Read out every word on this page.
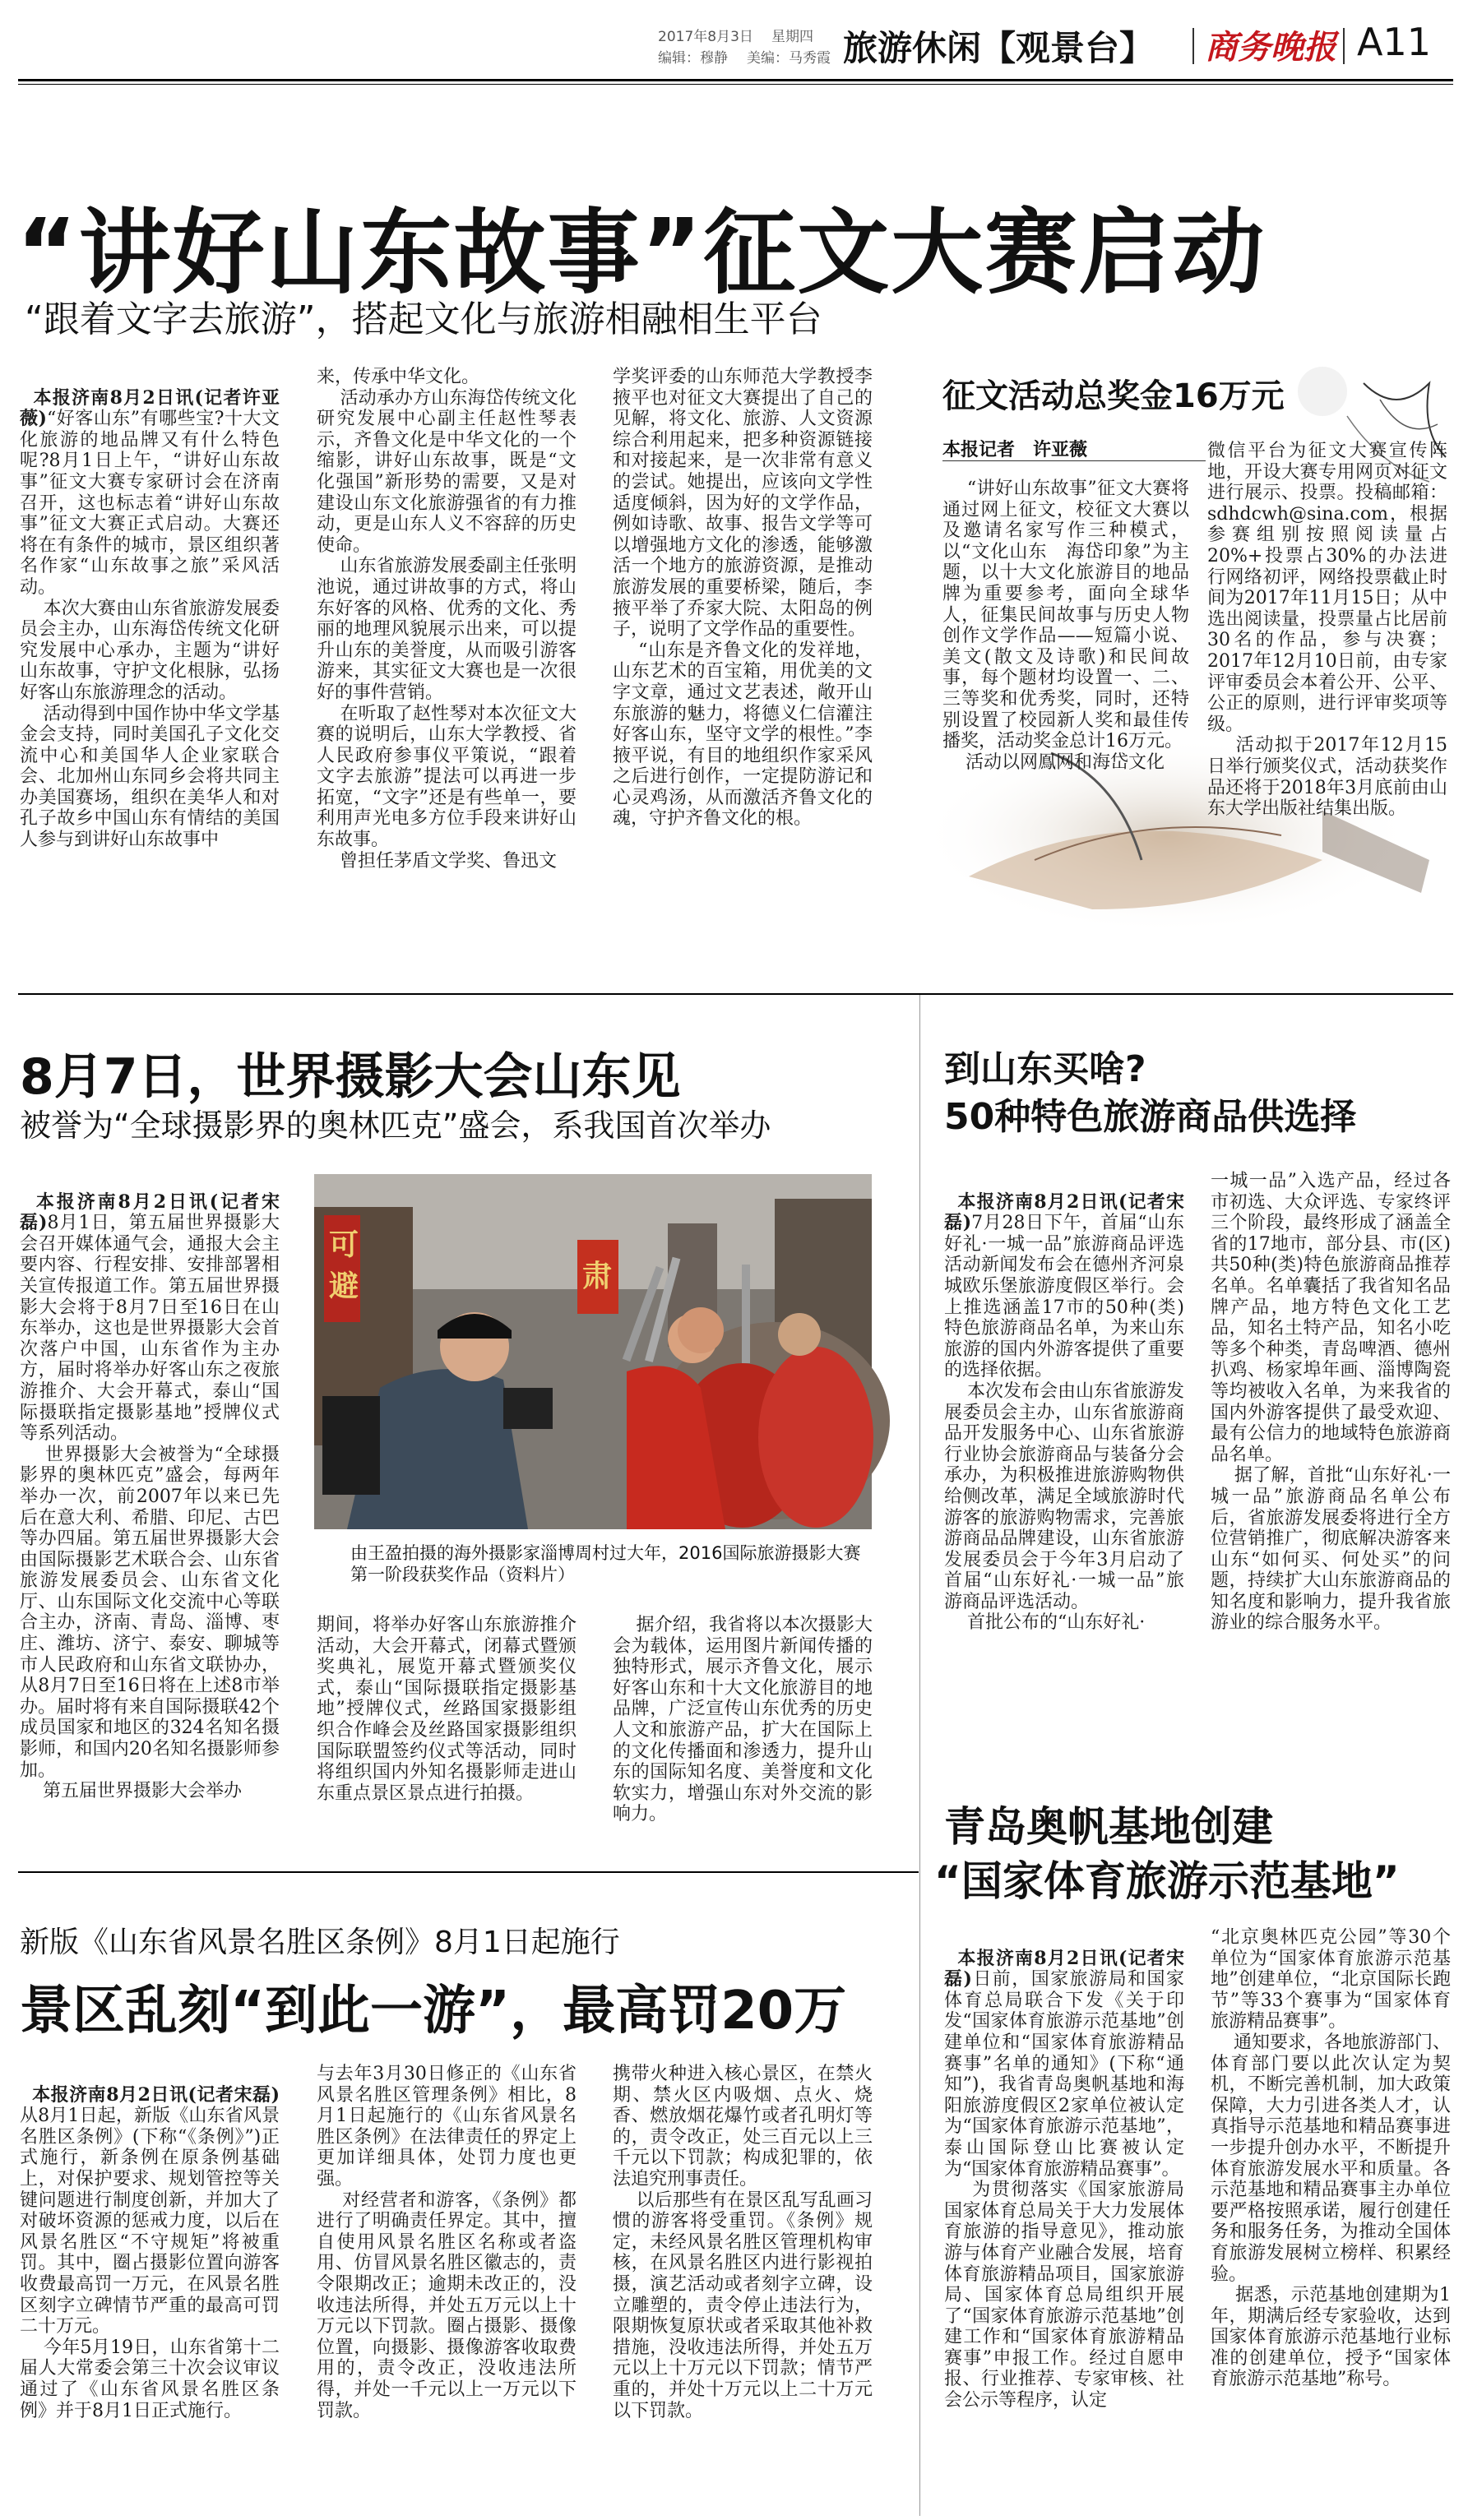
2017年8月3日 星期四
编辑：穆静 美编：马秀霞 旅游休闲【观景台】 商务晚报 A11
“讲好山东故事”征文大赛启动
“跟着文字去旅游”，搭起文化与旅游相融相生平台

本报济南8月2日讯(记者许亚薇)“好客山东”有哪些宝?十大文化旅游的地品牌又有什么特色呢?8月1日上午，“讲好山东故事”征文大赛专家研讨会在济南召开，这也标志着“讲好山东故事”征文大赛正式启动。大赛还将在有条件的城市，景区组织著名作家“山东故事之旅”采风活动。
本次大赛由山东省旅游发展委员会主办，山东海岱传统文化研究发展中心承办，主题为“讲好山东故事，守护文化根脉，弘扬好客山东旅游理念的活动。
活动得到中国作协中华文学基金会支持，同时美国孔子文化交流中心和美国华人企业家联合会、北加州山东同乡会将共同主办美国赛场，组织在美华人和对孔子故乡中国山东有情结的美国人参与到讲好山东故事中

来，传承中华文化。
活动承办方山东海岱传统文化研究发展中心副主任赵性琴表示，齐鲁文化是中华文化的一个缩影，讲好山东故事，既是“文化强国”新形势的需要，又是对建设山东文化旅游强省的有力推动，更是山东人义不容辞的历史使命。
山东省旅游发展委副主任张明池说，通过讲故事的方式，将山东好客的风格、优秀的文化、秀丽的地理风貌展示出来，可以提升山东的美誉度，从而吸引游客游来，其实征文大赛也是一次很好的事件营销。
在听取了赵性琴对本次征文大赛的说明后，山东大学教授、省人民政府参事仪平策说，“跟着文字去旅游”提法可以再进一步拓宽，“文字”还是有些单一，要利用声光电多方位手段来讲好山东故事。
曾担任茅盾文学奖、鲁迅文
学奖评委的山东师范大学教授李掖平也对征文大赛提出了自己的见解，将文化、旅游、人文资源综合利用起来，把多种资源链接和对接起来，是一次非常有意义的尝试。她提出，应该向文学性适度倾斜，因为好的文学作品，例如诗歌、故事、报告文学等可以增强地方文化的渗透，能够激活一个地方的旅游资源，是推动旅游发展的重要桥梁，随后，李掖平举了乔家大院、太阳岛的例子，说明了文学作品的重要性。
“山东是齐鲁文化的发祥地，山东艺术的百宝箱，用优美的文字文章，通过文艺表述，敞开山东旅游的魅力，将德义仁信灌注好客山东，坚守文学的根性。”李掖平说，有目的地组织作家采风之后进行创作，一定提防游记和心灵鸡汤，从而激活齐鲁文化的魂，守护齐鲁文化的根。
征文活动总奖金16万元
本报记者　许亚薇
“讲好山东故事”征文大赛将通过网上征文，校征文大赛以及邀请名家写作三种模式，以“文化山东　海岱印象”为主题，以十大文化旅游目的地品牌为重要参考，面向全球华人，征集民间故事与历史人物创作文学作品——短篇小说、美文(散文及诗歌)和民间故事，每个题材均设置一、二、三等奖和优秀奖，同时，还特别设置了校园新人奖和最佳传播奖，活动奖金总计16万元。
活动以网鳯网和海岱文化
微信平台为征文大赛宣传阵地，开设大赛专用网页对征文进行展示、投票。投稿邮箱：sdhdcwh@sina.com，根据参赛组别按照阅读量占20%+投票占30%的办法进行网络初评，网络投票截止时间为2017年11月15日；从中选出阅读量，投票量占比居前30名的作品，参与决赛；2017年12月10日前，由专家评审委员会本着公开、公平、公正的原则，进行评审奖项等级。
活动拟于2017年12月15日举行颁奖仪式，活动获奖作品还将于2018年3月底前由山东大学出版社结集出版。
8月7日，世界摄影大会山东见
被誉为“全球摄影界的奥林匹克”盛会，系我国首次举办

本报济南8月2日讯(记者宋磊)8月1日，第五届世界摄影大会召开媒体通气会，通报大会主要内容、行程安排、安排部署相关宣传报道工作。第五届世界摄影大会将于8月7日至16日在山东举办，这也是世界摄影大会首次落户中国，山东省作为主办方，届时将举办好客山东之夜旅游推介、大会开幕式，泰山“国际摄联指定摄影基地”授牌仪式等系列活动。
世界摄影大会被誉为“全球摄影界的奥林匹克”盛会，每两年举办一次，前2007年以来已先后在意大利、希腊、印尼、古巴等办四届。第五届世界摄影大会由国际摄影艺术联合会、山东省旅游发展委员会、山东省文化厅、山东国际文化交流中心等联合主办，济南、青岛、淄博、枣庄、潍坊、济宁、泰安、聊城等市人民政府和山东省文联协办，从8月7日至16日将在上述8市举办。届时将有来自国际摄联42个成员国家和地区的324名知名摄影师，和国内20名知名摄影师参加。
第五届世界摄影大会举办

可
避	肃
由王盈拍摄的海外摄影家淄博周村过大年，2016国际旅游摄影大赛第一阶段获奖作品（资料片）
期间，将举办好客山东旅游推介活动，大会开幕式，闭幕式暨颁奖典礼，展览开幕式暨颁奖仪式，泰山“国际摄联指定摄影基地”授牌仪式，丝路国家摄影组织合作峰会及丝路国家摄影组织国际联盟签约仪式等活动，同时将组织国内外知名摄影师走进山东重点景区景点进行拍摄。
据介绍，我省将以本次摄影大会为载体，运用图片新闻传播的独特形式，展示齐鲁文化，展示好客山东和十大文化旅游目的地品牌，广泛宣传山东优秀的历史人文和旅游产品，扩大在国际上的文化传播面和渗透力，提升山东的国际知名度、美誉度和文化软实力，增强山东对外交流的影响力。
到山东买啥?
50种特色旅游商品供选择

本报济南8月2日讯(记者宋磊)7月28日下午，首届“山东好礼·一城一品”旅游商品评选活动新闻发布会在德州齐河泉城欧乐堡旅游度假区举行。会上推选涵盖17市的50种(类)特色旅游商品名单，为来山东旅游的国内外游客提供了重要的选择依据。
本次发布会由山东省旅游发展委员会主办，山东省旅游商品开发服务中心、山东省旅游行业协会旅游商品与装备分会承办，为积极推进旅游购物供给侧改革，满足全域旅游时代游客的旅游购物需求，完善旅游商品品牌建设，山东省旅游发展委员会于今年3月启动了首届“山东好礼·一城一品”旅游商品评选活动。
首批公布的“山东好礼·

一城一品”入选产品，经过各市初选、大众评选、专家终评三个阶段，最终形成了涵盖全省的17地市，部分县、市(区)共50种(类)特色旅游商品推荐名单。名单囊括了我省知名品牌产品，地方特色文化工艺品，知名土特产品，知名小吃等多个种类，青岛啤酒、德州扒鸡、杨家埠年画、淄博陶瓷等均被收入名单，为来我省的国内外游客提供了最受欢迎、最有公信力的地域特色旅游商品名单。
据了解，首批“山东好礼·一城一品”旅游商品名单公布后，省旅游发展委将进行全方位营销推广，彻底解决游客来山东“如何买、何处买”的问题，持续扩大山东旅游商品的知名度和影响力，提升我省旅游业的综合服务水平。
青岛奥帆基地创建
“国家体育旅游示范基地”

本报济南8月2日讯(记者宋磊)日前，国家旅游局和国家体育总局联合下发《关于印发“国家体育旅游示范基地”创建单位和“国家体育旅游精品赛事”名单的通知》(下称“通知”)，我省青岛奥帆基地和海阳旅游度假区2家单位被认定为“国家体育旅游示范基地”，泰山国际登山比赛被认定为“国家体育旅游精品赛事”。
为贯彻落实《国家旅游局　国家体育总局关于大力发展体育旅游的指导意见》，推动旅游与体育产业融合发展，培育体育旅游精品项目，国家旅游局、国家体育总局组织开展了“国家体育旅游示范基地”创建工作和“国家体育旅游精品赛事”申报工作。经过自愿申报、行业推荐、专家审核、社会公示等程序，认定

“北京奥林匹克公园”等30个单位为“国家体育旅游示范基地”创建单位，“北京国际长跑节”等33个赛事为“国家体育旅游精品赛事”。
通知要求，各地旅游部门、体育部门要以此次认定为契机，不断完善机制，加大政策保障，大力引进各类人才，认真指导示范基地和精品赛事进一步提升创办水平，不断提升体育旅游发展水平和质量。各示范基地和精品赛事主办单位要严格按照承诺，履行创建任务和服务任务，为推动全国体育旅游发展树立榜样、积累经验。
据悉，示范基地创建期为1年，期满后经专家验收，达到国家体育旅游示范基地行业标准的创建单位，授予“国家体育旅游示范基地”称号。
新版《山东省风景名胜区条例》8月1日起施行
景区乱刻“到此一游”，最高罚20万

本报济南8月2日讯(记者宋磊)从8月1日起，新版《山东省风景名胜区条例》(下称“《条例》”)正式施行，新条例在原条例基础上，对保护要求、规划管控等关键问题进行制度创新，并加大了对破坏资源的惩戒力度，以后在风景名胜区“不守规矩”将被重罚。其中，圈占摄影位置向游客收费最高罚一万元，在风景名胜区刻字立碑情节严重的最高可罚二十万元。
今年5月19日，山东省第十二届人大常委会第三十次会议审议通过了《山东省风景名胜区条例》并于8月1日正式施行。

与去年3月30日修正的《山东省风景名胜区管理条例》相比，8月1日起施行的《山东省风景名胜区条例》在法律责任的界定上更加详细具体，处罚力度也更强。
对经营者和游客，《条例》都进行了明确责任界定。其中，擅自使用风景名胜区名称或者盗用、仿冒风景名胜区徽志的，责令限期改正；逾期未改正的，没收违法所得，并处五万元以上十万元以下罚款。圈占摄影、摄像位置，向摄影、摄像游客收取费用的，责令改正，没收违法所得，并处一千元以上一万元以下罚款。
携带火种进入核心景区，在禁火期、禁火区内吸烟、点火、烧香、燃放烟花爆竹或者孔明灯等的，责令改正，处三百元以上三千元以下罚款；构成犯罪的，依法追究刑事责任。
以后那些有在景区乱写乱画习惯的游客将受重罚。《条例》规定，未经风景名胜区管理机构审核，在风景名胜区内进行影视拍摄，演艺活动或者刻字立碑，设立雕塑的，责令停止违法行为，限期恢复原状或者采取其他补救措施，没收违法所得，并处五万元以上十万元以下罚款；情节严重的，并处十万元以上二十万元以下罚款。
